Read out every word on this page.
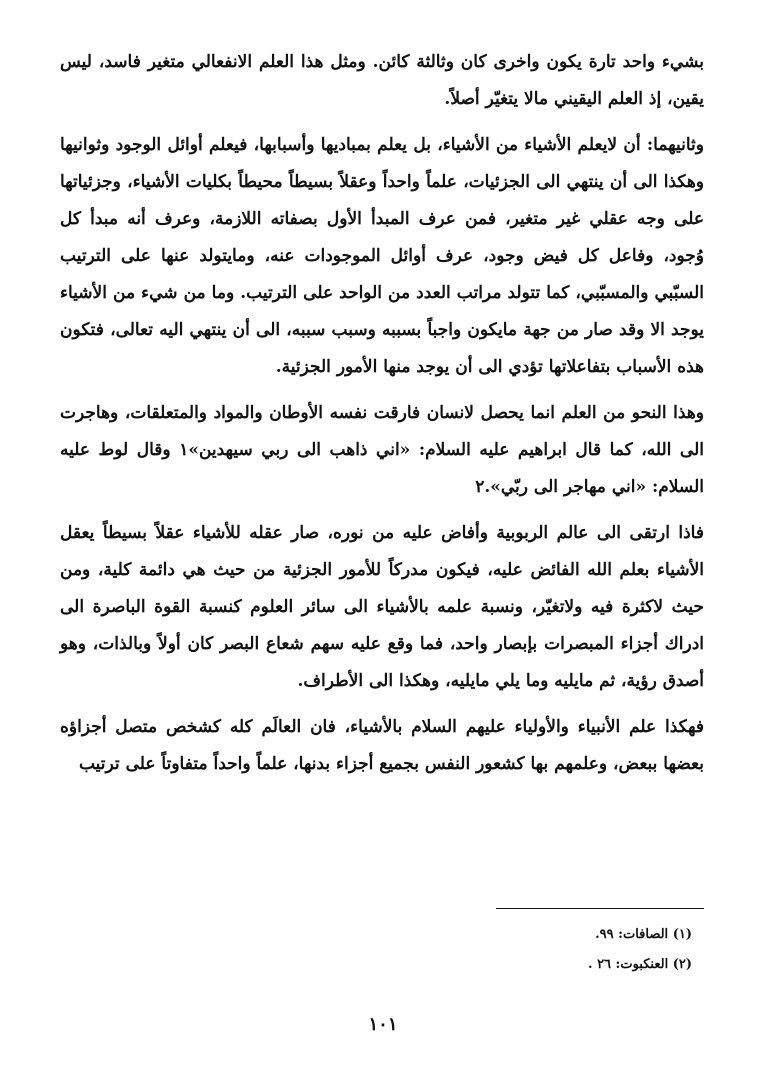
بشيء واحد تارة يكون واخرى كان وثالثة كائن. ومثل هذا العلم الانفعالي متغير فاسد، ليس يقين، إذ العلم اليقيني مالا يتغيّر أصلاً.

وثانيهما: أن لايعلم الأشياء من الأشياء، بل يعلم بمباديها وأسبابها، فيعلم أوائل الوجود وثوانيها وهكذا الى أن ينتهي الى الجزئيات، علماً واحداً وعقلاً بسيطاً محيطاً بكليات الأشياء، وجزئياتها على وجه عقلي غير متغير، فمن عرف المبدأ الأول بصفاته اللازمة، وعرف أنه مبدأ كل وُجود، وفاعل كل فيض وجود، عرف أوائل الموجودات عنه، ومايتولد عنها على الترتيب السبّبي والمسبّبي، كما تتولد مراتب العدد من الواحد على الترتيب. وما من شيء من الأشياء يوجد الا وقد صار من جهة مايكون واجباً بسببه وسبب سببه، الى أن ينتهي اليه تعالى، فتكون هذه الأسباب بتفاعلاتها تؤدي الى أن يوجد منها الأمور الجزئية.

وهذا النحو من العلم انما يحصل لانسان فارقت نفسه الأوطان والمواد والمتعلقات، وهاجرت الى الله، كما قال ابراهيم عليه السلام: «اني ذاهب الى ربي سيهدين»١ وقال لوط عليه السلام: «اني مهاجر الى ربّي».٢

فاذا ارتقى الى عالم الربوبية وأفاض عليه من نوره، صار عقله للأشياء عقلاً بسيطاً يعقل الأشياء بعلم الله الفائض عليه، فيكون مدركاً للأمور الجزئية من حيث هي دائمة كلية، ومن حيث لاكثرة فيه ولاتغيّر، ونسبة علمه بالأشياء الى سائر العلوم كنسبة القوة الباصرة الى ادراك أجزاء المبصرات بإبصار واحد، فما وقع عليه سهم شعاع البصر كان أولاً وبالذات، وهو أصدق رؤية، ثم مايليه وما يلي مايليه، وهكذا الى الأطراف.

فهكذا علم الأنبياء والأولياء عليهم السلام بالأشياء، فان العالَم كله كشخص متصل أجزاؤه بعضها ببعض، وعلمهم بها كشعور النفس بجميع أجزاء بدنها، علماً واحداً متفاوتاً على ترتيب

(١) الصافات: ٩٩.
(٢) العنكبوت: ٢٦ .
١٠١
